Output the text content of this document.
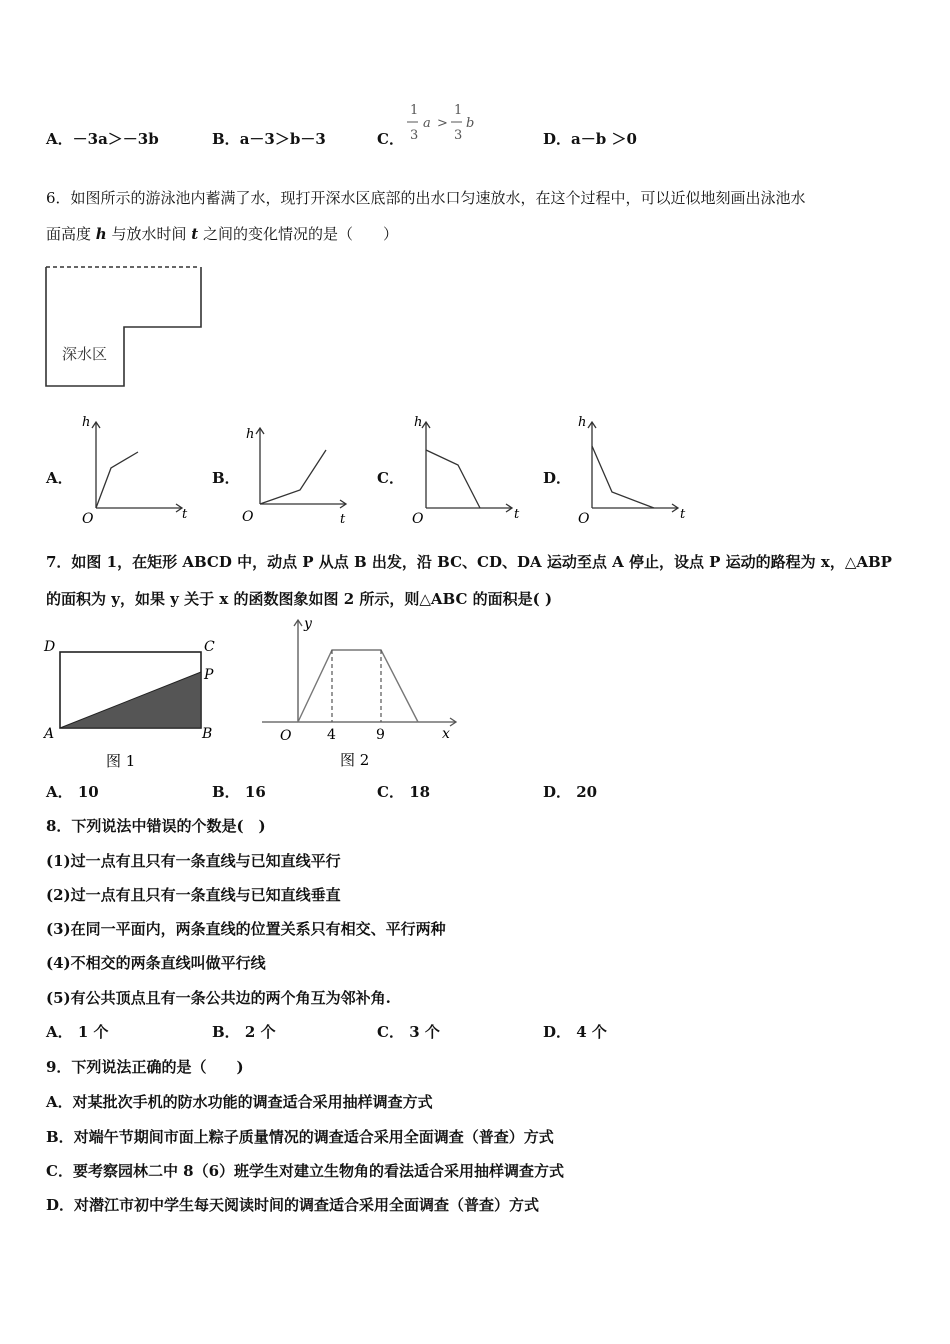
A．－3a＞－3b	B．a－3＞b－3	C．
1
3
a >
1
3
b
D．a－b ＞0
6．如图所示的游泳池内蓄满了水，现打开深水区底部的出水口匀速放水，在这个过程中，可以近似地刻画出泳池水
面高度 h 与放水时间 t 之间的变化情况的是（　　）
深水区
A．	B．	C．	D．
h
t
O
h
t
O
h
t
O
h
t
O
7．如图 1，在矩形 ABCD 中，动点 P 从点 B 出发，沿 BC、CD、DA 运动至点 A 停止，设点 P 运动的路程为 x，△ABP
的面积为 y，如果 y 关于 x 的函数图象如图 2 所示，则△ABC 的面积是( )
D	C
P
A	B
图 1
y
x
O	4	9
图 2
A． 10	B． 16	C． 18	D． 20
8．下列说法中错误的个数是(　)
(1)过一点有且只有一条直线与已知直线平行
(2)过一点有且只有一条直线与已知直线垂直
(3)在同一平面内，两条直线的位置关系只有相交、平行两种
(4)不相交的两条直线叫做平行线
(5)有公共顶点且有一条公共边的两个角互为邻补角.
A． 1 个	B． 2 个	C． 3 个	D． 4 个
9．下列说法正确的是（　　)
A．对某批次手机的防水功能的调查适合采用抽样调查方式
B．对端午节期间市面上粽子质量情况的调查适合采用全面调查（普查）方式
C．要考察园林二中 8（6）班学生对建立生物角的看法适合采用抽样调查方式
D．对潜江市初中学生每天阅读时间的调查适合采用全面调查（普查）方式
